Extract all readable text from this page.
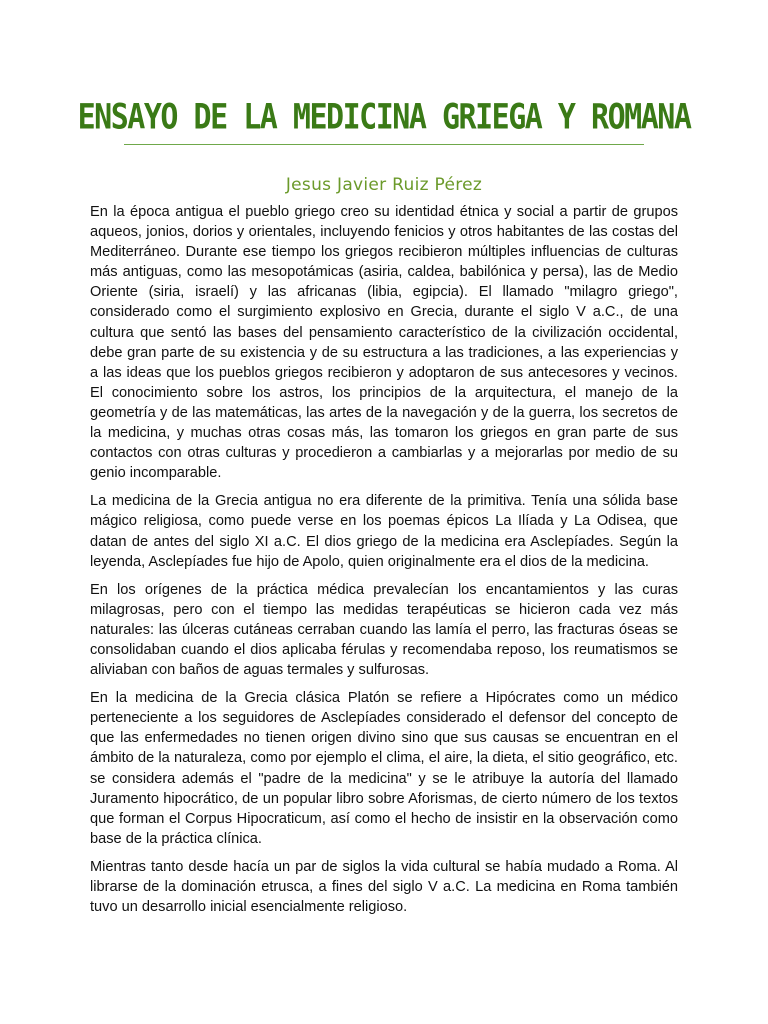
ENSAYO DE LA MEDICINA GRIEGA Y ROMANA
Jesus Javier Ruiz Pérez

En la época antigua el pueblo griego creo su identidad étnica y social a partir de grupos aqueos, jonios, dorios y orientales, incluyendo fenicios y otros habitantes de las costas del Mediterráneo. Durante ese tiempo los griegos recibieron múltiples influencias de culturas más antiguas, como las mesopotámicas (asiria, caldea, babilónica y persa), las de Medio Oriente (siria, israelí) y las africanas (libia, egipcia). El llamado "milagro griego", considerado como el surgimiento explosivo en Grecia, durante el siglo V a.C., de una cultura que sentó las bases del pensamiento característico de la civilización occidental, debe gran parte de su existencia y de su estructura a las tradiciones, a las experiencias y a las ideas que los pueblos griegos recibieron y adoptaron de sus antecesores y vecinos. El conocimiento sobre los astros, los principios de la arquitectura, el manejo de la geometría y de las matemáticas, las artes de la navegación y de la guerra, los secretos de la medicina, y muchas otras cosas más, las tomaron los griegos en gran parte de sus contactos con otras culturas y procedieron a cambiarlas y a mejorarlas por medio de su genio incomparable.

La medicina de la Grecia antigua no era diferente de la primitiva. Tenía una sólida base mágico religiosa, como puede verse en los poemas épicos La Ilíada y La Odisea, que datan de antes del siglo XI a.C. El dios griego de la medicina era Asclepíades. Según la leyenda, Asclepíades fue hijo de Apolo, quien originalmente era el dios de la medicina.

En los orígenes de la práctica médica prevalecían los encantamientos y las curas milagrosas, pero con el tiempo las medidas terapéuticas se hicieron cada vez más naturales: las úlceras cutáneas cerraban cuando las lamía el perro, las fracturas óseas se consolidaban cuando el dios aplicaba férulas y recomendaba reposo, los reumatismos se aliviaban con baños de aguas termales y sulfurosas.

En la medicina de la Grecia clásica Platón se refiere a Hipócrates como un médico perteneciente a los seguidores de Asclepíades considerado el defensor del concepto de que las enfermedades no tienen origen divino sino que sus causas se encuentran en el ámbito de la naturaleza, como por ejemplo el clima, el aire, la dieta, el sitio geográfico, etc. se considera además el "padre de la medicina" y se le atribuye la autoría del llamado Juramento hipocrático, de un popular libro sobre Aforismas, de cierto número de los textos que forman el Corpus Hipocraticum, así como el hecho de insistir en la observación como base de la práctica clínica.

Mientras tanto desde hacía un par de siglos la vida cultural se había mudado a Roma. Al librarse de la dominación etrusca, a fines del siglo V a.C. La medicina en Roma también tuvo un desarrollo inicial esencialmente religioso.
